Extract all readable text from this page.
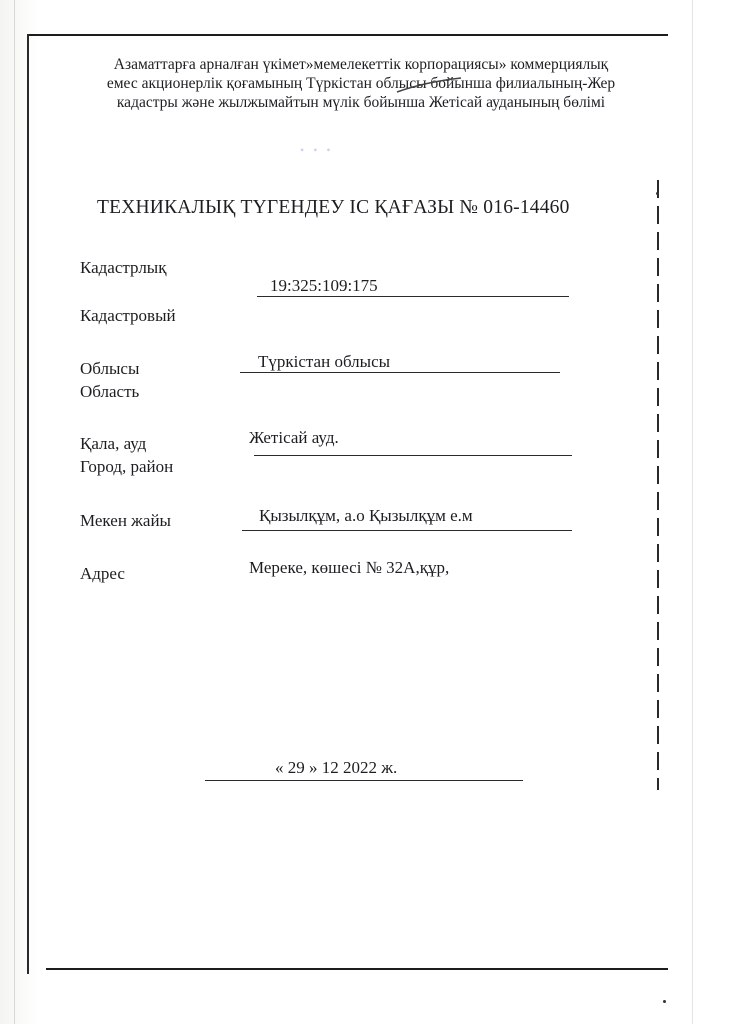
Азаматтарға арналған үкімет»мемелекеттік корпорациясы» коммерциялық
емес акционерлік қоғамының Түркістан облысы бойынша филиалының-Жер
кадастры және жылжымайтын мүлік бойынша Жетісай ауданының бөлімі
• • •
ТЕХНИКАЛЫҚ ТҮГЕНДЕУ ІС ҚАҒАЗЫ № 016-14460
Кадастрлық
19:325:109:175
Кадастровый
Облысы	Түркістан облысы
Область
Қала, ауд	Жетісай ауд.
Город, район
Мекен жайы	Қызылқұм, а.о Қызылқұм е.м
Адрес	Мереке, көшесі № 32А,құр,
« 29 » 12 2022 ж.
